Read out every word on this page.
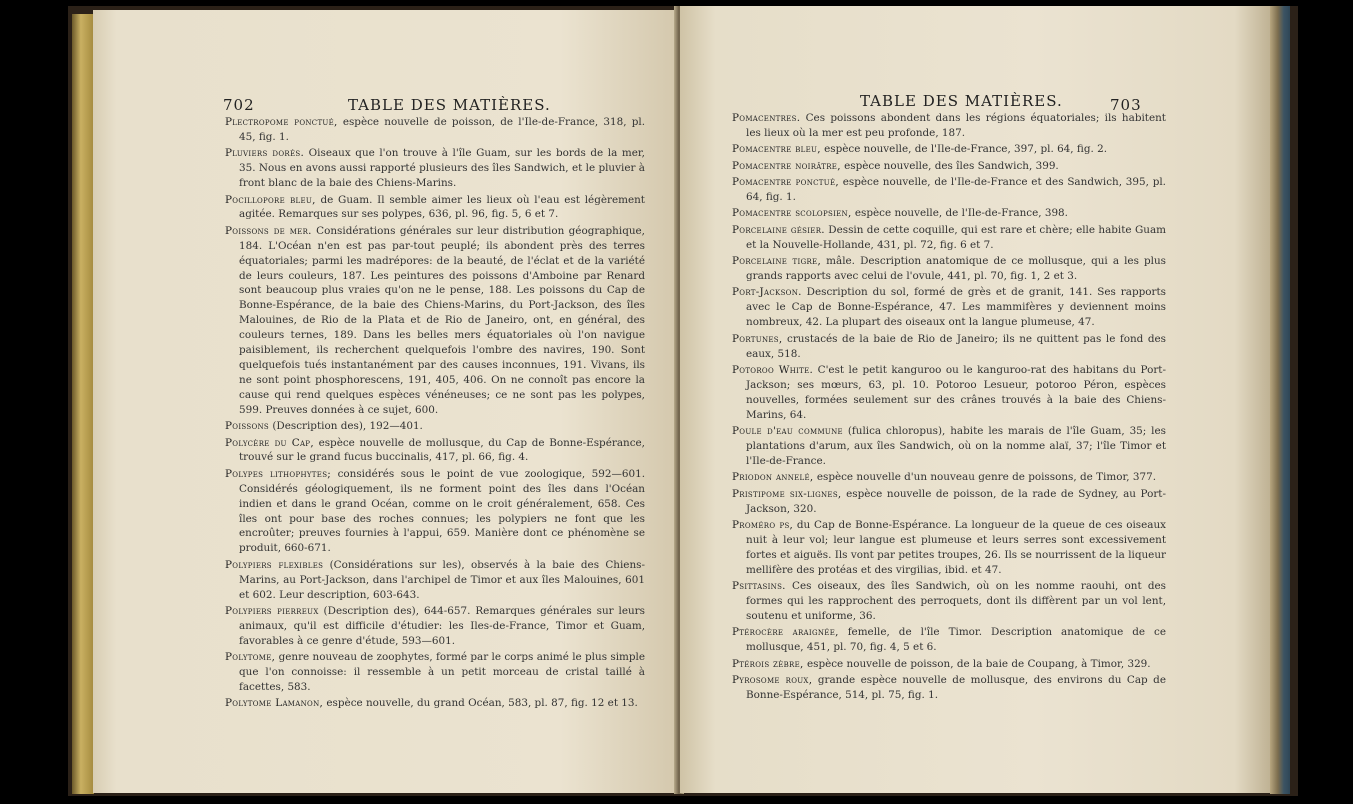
702	TABLE DES MATIÈRES.

Plectropome ponctué, espèce nouvelle de poisson, de l'Ile-de-France, 318, pl. 45, fig. 1.

Pluviers dorés. Oiseaux que l'on trouve à l'île Guam, sur les bords de la mer, 35. Nous en avons aussi rapporté plusieurs des îles Sandwich, et le pluvier à front blanc de la baie des Chiens-Marins.

Pocillopore bleu, de Guam. Il semble aimer les lieux où l'eau est légèrement agitée. Remarques sur ses polypes, 636, pl. 96, fig. 5, 6 et 7.

Poissons de mer. Considérations générales sur leur distribution géographique, 184. L'Océan n'en est pas par-tout peuplé; ils abondent près des terres équatoriales; parmi les madrépores: de la beauté, de l'éclat et de la variété de leurs couleurs, 187. Les peintures des poissons d'Amboine par Renard sont beaucoup plus vraies qu'on ne le pense, 188. Les poissons du Cap de Bonne-Espérance, de la baie des Chiens-Marins, du Port-Jackson, des îles Malouines, de Rio de la Plata et de Rio de Janeiro, ont, en général, des couleurs ternes, 189. Dans les belles mers équatoriales où l'on navigue paisiblement, ils recherchent quelquefois l'ombre des navires, 190. Sont quelquefois tués instantanément par des causes inconnues, 191. Vivans, ils ne sont point phosphorescens, 191, 405, 406. On ne connoît pas encore la cause qui rend quelques espèces vénéneuses; ce ne sont pas les polypes, 599. Preuves données à ce sujet, 600.

Poissons (Description des), 192—401.

Polycère du Cap, espèce nouvelle de mollusque, du Cap de Bonne-Espérance, trouvé sur le grand fucus buccinalis, 417, pl. 66, fig. 4.

Polypes lithophytes; considérés sous le point de vue zoologique, 592—601. Considérés géologiquement, ils ne forment point des îles dans l'Océan indien et dans le grand Océan, comme on le croit généralement, 658. Ces îles ont pour base des roches connues; les polypiers ne font que les encroûter; preuves fournies à l'appui, 659. Manière dont ce phénomène se produit, 660-671.

Polypiers flexibles (Considérations sur les), observés à la baie des Chiens-Marins, au Port-Jackson, dans l'archipel de Timor et aux îles Malouines, 601 et 602. Leur description, 603-643.

Polypiers pierreux (Description des), 644-657. Remarques générales sur leurs animaux, qu'il est difficile d'étudier: les Iles-de-France, Timor et Guam, favorables à ce genre d'étude, 593—601.

Polytome, genre nouveau de zoophytes, formé par le corps animé le plus simple que l'on connoisse: il ressemble à un petit morceau de cristal taillé à facettes, 583.

Polytome Lamanon, espèce nouvelle, du grand Océan, 583, pl. 87, fig. 12 et 13.

TABLE DES MATIÈRES.	703

Pomacentres. Ces poissons abondent dans les régions équatoriales; ils habitent les lieux où la mer est peu profonde, 187.

Pomacentre bleu, espèce nouvelle, de l'Ile-de-France, 397, pl. 64, fig. 2.

Pomacentre noirâtre, espèce nouvelle, des îles Sandwich, 399.

Pomacentre ponctué, espèce nouvelle, de l'Ile-de-France et des Sandwich, 395, pl. 64, fig. 1.

Pomacentre scolopsien, espèce nouvelle, de l'Ile-de-France, 398.

Porcelaine gésier. Dessin de cette coquille, qui est rare et chère; elle habite Guam et la Nouvelle-Hollande, 431, pl. 72, fig. 6 et 7.

Porcelaine tigre, mâle. Description anatomique de ce mollusque, qui a les plus grands rapports avec celui de l'ovule, 441, pl. 70, fig. 1, 2 et 3.

Port-Jackson. Description du sol, formé de grès et de granit, 141. Ses rapports avec le Cap de Bonne-Espérance, 47. Les mammifères y deviennent moins nombreux, 42. La plupart des oiseaux ont la langue plumeuse, 47.

Portunes, crustacés de la baie de Rio de Janeiro; ils ne quittent pas le fond des eaux, 518.

Potoroo White. C'est le petit kanguroo ou le kanguroo-rat des habitans du Port-Jackson; ses mœurs, 63, pl. 10. Potoroo Lesueur, potoroo Péron, espèces nouvelles, formées seulement sur des crânes trouvés à la baie des Chiens-Marins, 64.

Poule d'eau commune (fulica chloropus), habite les marais de l'île Guam, 35; les plantations d'arum, aux îles Sandwich, où on la nomme alaï, 37; l'île Timor et l'Ile-de-France.

Priodon annelé, espèce nouvelle d'un nouveau genre de poissons, de Timor, 377.

Pristipome six-lignes, espèce nouvelle de poisson, de la rade de Sydney, au Port-Jackson, 320.

Proméro ps, du Cap de Bonne-Espérance. La longueur de la queue de ces oiseaux nuit à leur vol; leur langue est plumeuse et leurs serres sont excessivement fortes et aiguës. Ils vont par petites troupes, 26. Ils se nourrissent de la liqueur mellifère des protéas et des virgilias, ibid. et 47.

Psittasins. Ces oiseaux, des îles Sandwich, où on les nomme raouhi, ont des formes qui les rapprochent des perroquets, dont ils diffèrent par un vol lent, soutenu et uniforme, 36.

Ptérocère araignée, femelle, de l'île Timor. Description anatomique de ce mollusque, 451, pl. 70, fig. 4, 5 et 6.

Ptérois zèbre, espèce nouvelle de poisson, de la baie de Coupang, à Timor, 329.

Pyrosome roux, grande espèce nouvelle de mollusque, des environs du Cap de Bonne-Espérance, 514, pl. 75, fig. 1.
